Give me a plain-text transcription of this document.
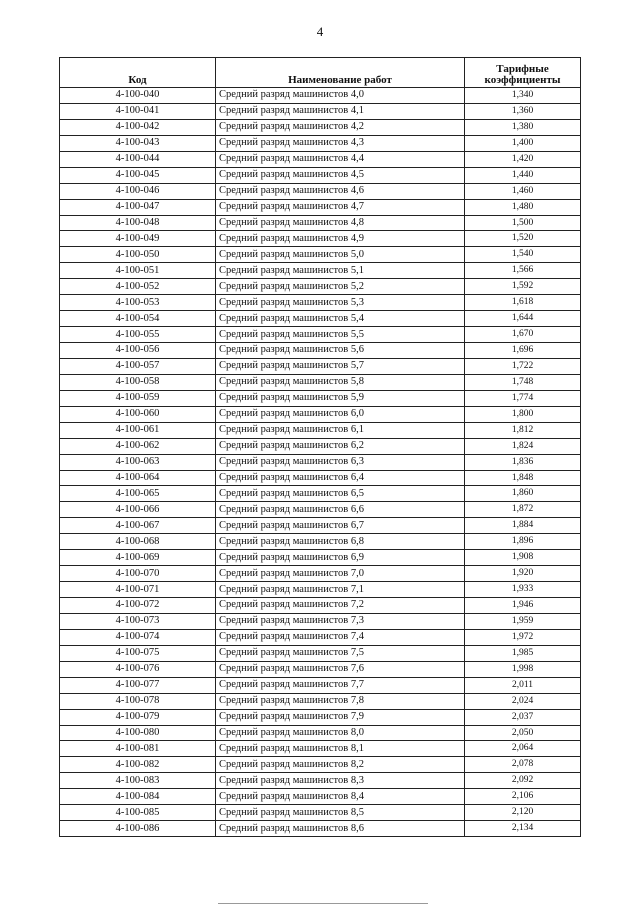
4
Код	Наименование работ	Тарифные
коэффициенты
4-100-040	Средний разряд машинистов 4,0	1,340
4-100-041	Средний разряд машинистов 4,1	1,360
4-100-042	Средний разряд машинистов 4,2	1,380
4-100-043	Средний разряд машинистов 4,3	1,400
4-100-044	Средний разряд машинистов 4,4	1,420
4-100-045	Средний разряд машинистов 4,5	1,440
4-100-046	Средний разряд машинистов 4,6	1,460
4-100-047	Средний разряд машинистов 4,7	1,480
4-100-048	Средний разряд машинистов 4,8	1,500
4-100-049	Средний разряд машинистов 4,9	1,520
4-100-050	Средний разряд машинистов 5,0	1,540
4-100-051	Средний разряд машинистов 5,1	1,566
4-100-052	Средний разряд машинистов 5,2	1,592
4-100-053	Средний разряд машинистов 5,3	1,618
4-100-054	Средний разряд машинистов 5,4	1,644
4-100-055	Средний разряд машинистов 5,5	1,670
4-100-056	Средний разряд машинистов 5,6	1,696
4-100-057	Средний разряд машинистов 5,7	1,722
4-100-058	Средний разряд машинистов 5,8	1,748
4-100-059	Средний разряд машинистов 5,9	1,774
4-100-060	Средний разряд машинистов 6,0	1,800
4-100-061	Средний разряд машинистов 6,1	1,812
4-100-062	Средний разряд машинистов 6,2	1,824
4-100-063	Средний разряд машинистов 6,3	1,836
4-100-064	Средний разряд машинистов 6,4	1,848
4-100-065	Средний разряд машинистов 6,5	1,860
4-100-066	Средний разряд машинистов 6,6	1,872
4-100-067	Средний разряд машинистов 6,7	1,884
4-100-068	Средний разряд машинистов 6,8	1,896
4-100-069	Средний разряд машинистов 6,9	1,908
4-100-070	Средний разряд машинистов 7,0	1,920
4-100-071	Средний разряд машинистов 7,1	1,933
4-100-072	Средний разряд машинистов 7,2	1,946
4-100-073	Средний разряд машинистов 7,3	1,959
4-100-074	Средний разряд машинистов 7,4	1,972
4-100-075	Средний разряд машинистов 7,5	1,985
4-100-076	Средний разряд машинистов 7,6	1,998
4-100-077	Средний разряд машинистов 7,7	2,011
4-100-078	Средний разряд машинистов 7,8	2,024
4-100-079	Средний разряд машинистов 7,9	2,037
4-100-080	Средний разряд машинистов 8,0	2,050
4-100-081	Средний разряд машинистов 8,1	2,064
4-100-082	Средний разряд машинистов 8,2	2,078
4-100-083	Средний разряд машинистов 8,3	2,092
4-100-084	Средний разряд машинистов 8,4	2,106
4-100-085	Средний разряд машинистов 8,5	2,120
4-100-086	Средний разряд машинистов 8,6	2,134
